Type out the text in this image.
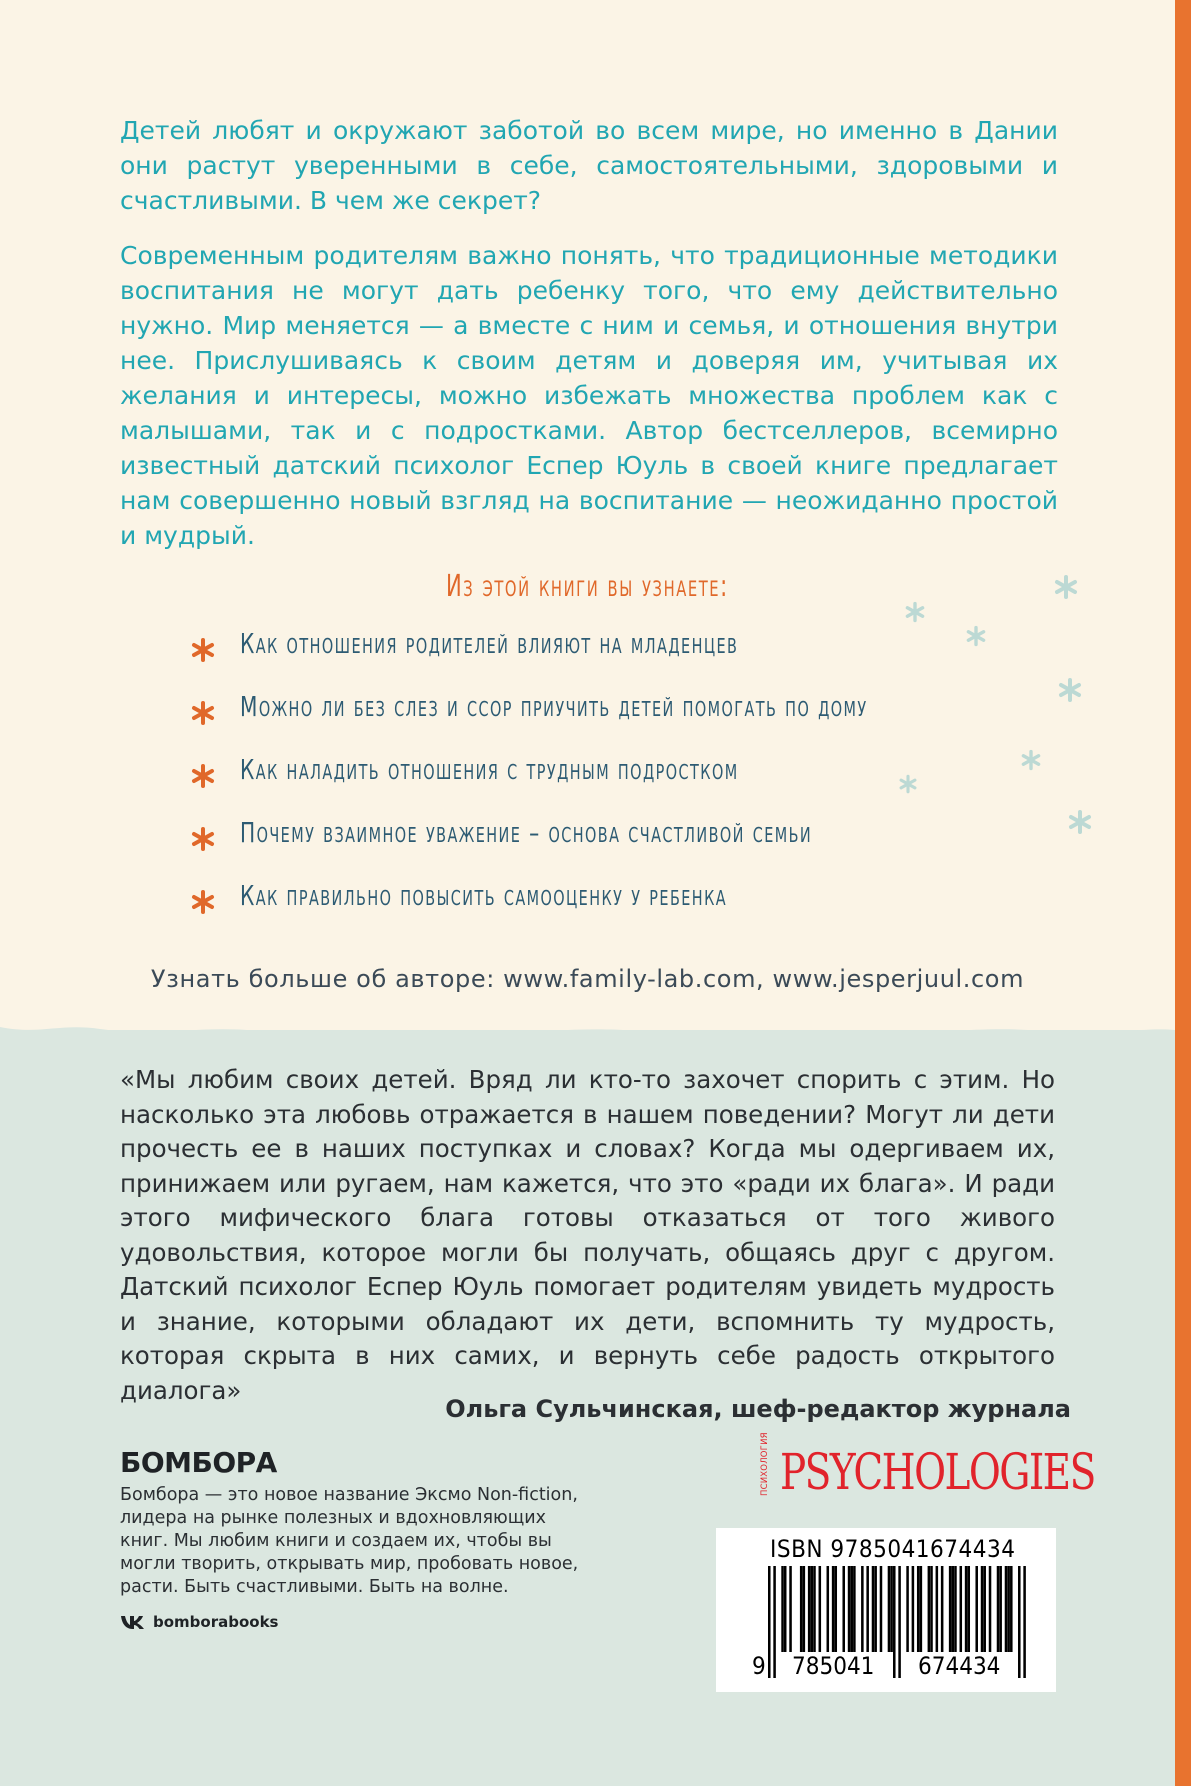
Детей любят и окружают заботой во всем мире, но именно в Дании они растут уверенными в себе, самостоятельными, здоровыми и счастливыми. В чем же секрет?

Современным родителям важно понять, что традиционные методики воспитания не могут дать ребенку того, что ему действительно нужно. Мир меняется — а вместе с ним и семья, и отношения внутри нее. Прислушиваясь к своим детям и доверяя им, учитывая их желания и интересы, можно избежать множества проблем как с малышами, так и с подростками. Автор бестселлеров, всемирно известный датский психолог Еспер Юуль в своей книге предлагает нам совершенно новый взгляд на воспитание — неожиданно простой и мудрый.

Из этой книги вы узнаете:
Как отношения родителей влияют на младенцев
Можно ли без слез и ссор приучить детей помогать по дому
Как наладить отношения с трудным подростком
Почему взаимное уважение – основа счастливой семьи
Как правильно повысить самооценку у ребенка

Узнать больше об авторе: www.family-lab.com, www.jesperjuul.com

«Мы любим своих детей. Вряд ли кто-то захочет спорить с этим. Но насколько эта любовь отражается в нашем поведении? Могут ли дети прочесть ее в наших поступках и словах? Когда мы одергиваем их, принижаем или ругаем, нам кажется, что это «ради их блага». И ради этого мифического блага готовы отказаться от того живого удовольствия, которое могли бы получать, общаясь друг с другом. Датский психолог Еспер Юуль помогает родителям увидеть мудрость и знание, которыми обладают их дети, вспомнить ту мудрость, которая скрыта в них самих, и вернуть себе радость открытого диалога»

Ольга Сульчинская, шеф-редактор журнала

ПСИХОЛОГИЯ PSYCHOLOGIES

БОМБОРА

Бомбора — это новое название Эксмо Non-fiction, лидера на рынке полезных и вдохновляющих книг. Мы любим книги и создаем их, чтобы вы могли творить, открывать мир, пробовать новое, расти. Быть счастливыми. Быть на волне.

bomborabooks

ISBN 9785041674434

9 785041 674434
